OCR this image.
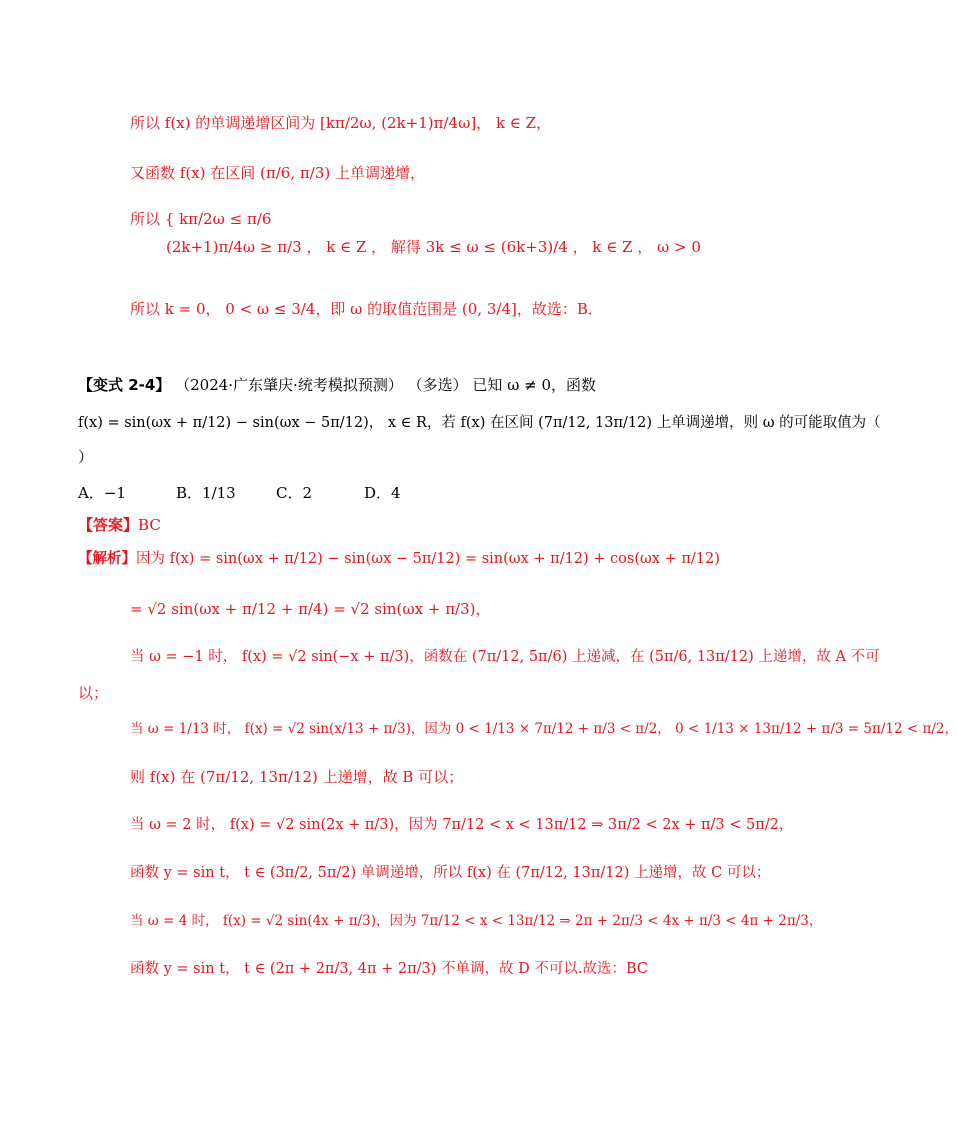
所以 f(x) 的单调递增区间为 [kπ/2ω, (2k+1)π/4ω]， k ∈ Z，
又函数 f(x) 在区间 (π/6, π/3) 上单调递增，
所以 { kπ/2ω ≤ π/6
(2k+1)π/4ω ≥ π/3 ， k ∈ Z ， 解得 3k ≤ ω ≤ (6k+3)/4 ， k ∈ Z ， ω > 0
所以 k = 0， 0 < ω ≤ 3/4，即 ω 的取值范围是 (0, 3/4]，故选：B．
【变式 2-4】 （2024·广东肇庆·统考模拟预测） （多选） 已知 ω ≠ 0，函数
f(x) = sin(ωx + π/12) − sin(ωx − 5π/12)， x ∈ R，若 f(x) 在区间 (7π/12, 13π/12) 上单调递增，则 ω 的可能取值为（
）
A．−1	B．1/13	C．2	D．4
【答案】BC
【解析】因为 f(x) = sin(ωx + π/12) − sin(ωx − 5π/12) = sin(ωx + π/12) + cos(ωx + π/12)
= √2 sin(ωx + π/12 + π/4) = √2 sin(ωx + π/3)，
当 ω = −1 时， f(x) = √2 sin(−x + π/3)，函数在 (7π/12, 5π/6) 上递减，在 (5π/6, 13π/12) 上递增，故 A 不可
以；
当 ω = 1/13 时， f(x) = √2 sin(x/13 + π/3)，因为 0 < 1/13 × 7π/12 + π/3 < π/2， 0 < 1/13 × 13π/12 + π/3 = 5π/12 < π/2，
则 f(x) 在 (7π/12, 13π/12) 上递增，故 B 可以；
当 ω = 2 时， f(x) = √2 sin(2x + π/3)，因为 7π/12 < x < 13π/12 ⇒ 3π/2 < 2x + π/3 < 5π/2，
函数 y = sin t， t ∈ (3π/2, 5π/2) 单调递增，所以 f(x) 在 (7π/12, 13π/12) 上递增，故 C 可以；
当 ω = 4 时， f(x) = √2 sin(4x + π/3)，因为 7π/12 < x < 13π/12 ⇒ 2π + 2π/3 < 4x + π/3 < 4π + 2π/3，
函数 y = sin t， t ∈ (2π + 2π/3, 4π + 2π/3) 不单调，故 D 不可以.故选：BC
